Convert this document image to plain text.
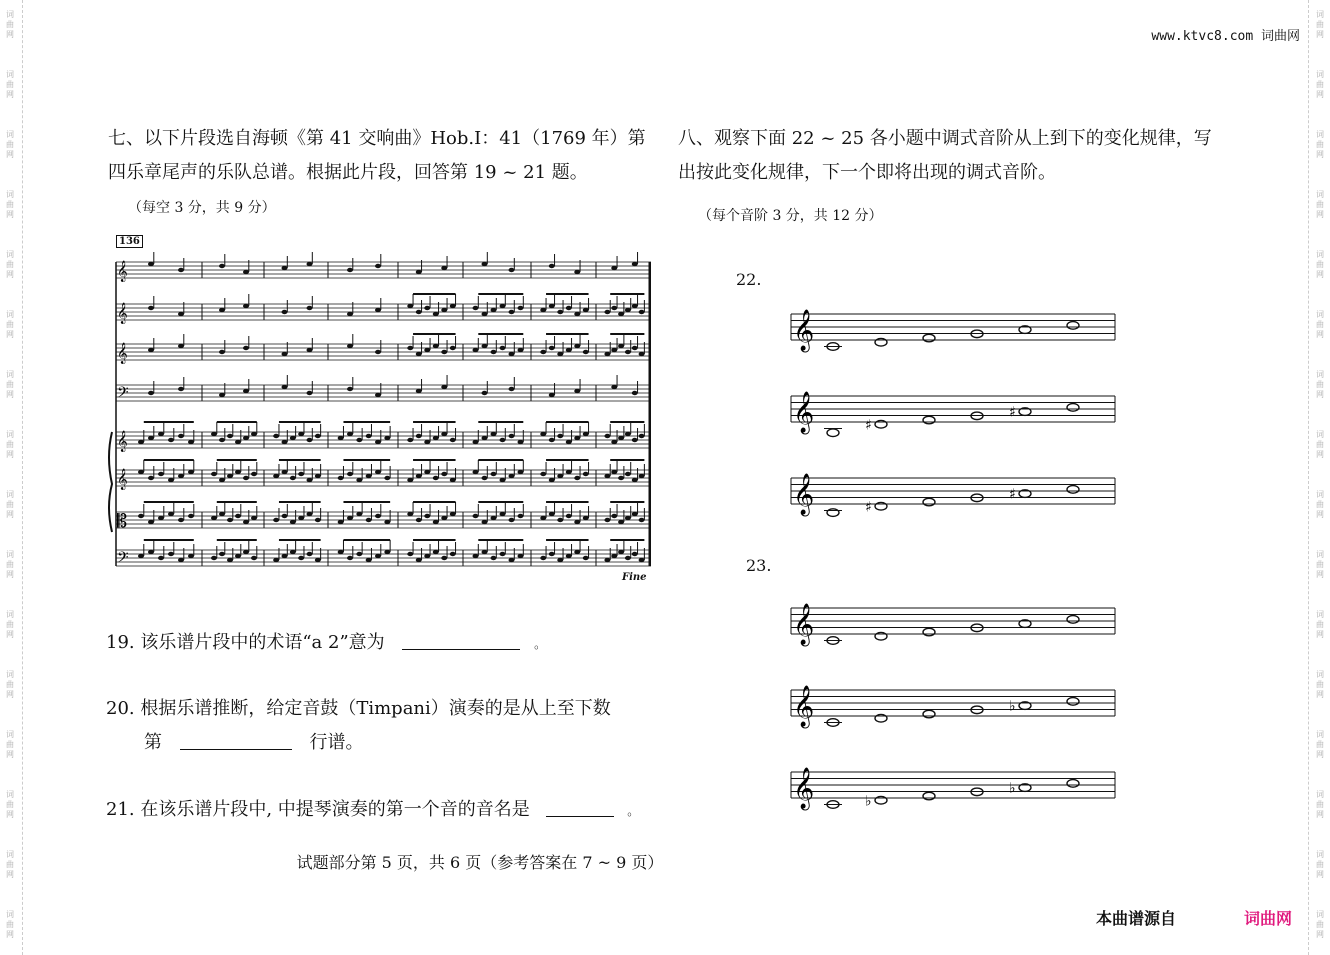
词
曲
网
词
曲
网
词
曲
网
词
曲
网
词
曲
网
词
曲
网
词
曲
网
词
曲
网
词
曲
网
词
曲
网
词
曲
网
词
曲
网
词
曲
网
词
曲
网
词
曲
网
词
曲
网
词
曲
网
词
曲
网
词
曲
网
词
曲
网
词
曲
网
词
曲
网
词
曲
网
词
曲
网
词
曲
网
词
曲
网
词
曲
网
词
曲
网
词
曲
网
词
曲
网
词
曲
网
词
曲
网
www.ktvc8.com 词曲网
七、以下片段选自海顿《第 41 交响曲》Hob.Ⅰ：41（1769 年）第
四乐章尾声的乐队总谱。根据此片段，回答第 19 ~ 21 题。
（每空 3 分，共 9 分）
136
𝄞
𝄞
𝄞
𝄢
𝄞
𝄞
𝄡
𝄢
Fine
19. 该乐谱片段中的术语“a 2”意为	。
20. 根据乐谱推断，给定音鼓（Timpani）演奏的是从上至下数
第	行谱。
21. 在该乐谱片段中, 中提琴演奏的第一个音的音名是	。
八、观察下面 22 ~ 25 各小题中调式音阶从上到下的变化规律，写
出按此变化规律，下一个即将出现的调式音阶。
（每个音阶 3 分，共 12 分）
22.
23.
𝄞
𝄞	♯
♯
𝄞	♯
♯
𝄞
𝄞	♭
𝄞	♭
♭
试题部分第 5 页，共 6 页（参考答案在 7 ~ 9 页）
本曲谱源自	词曲网
